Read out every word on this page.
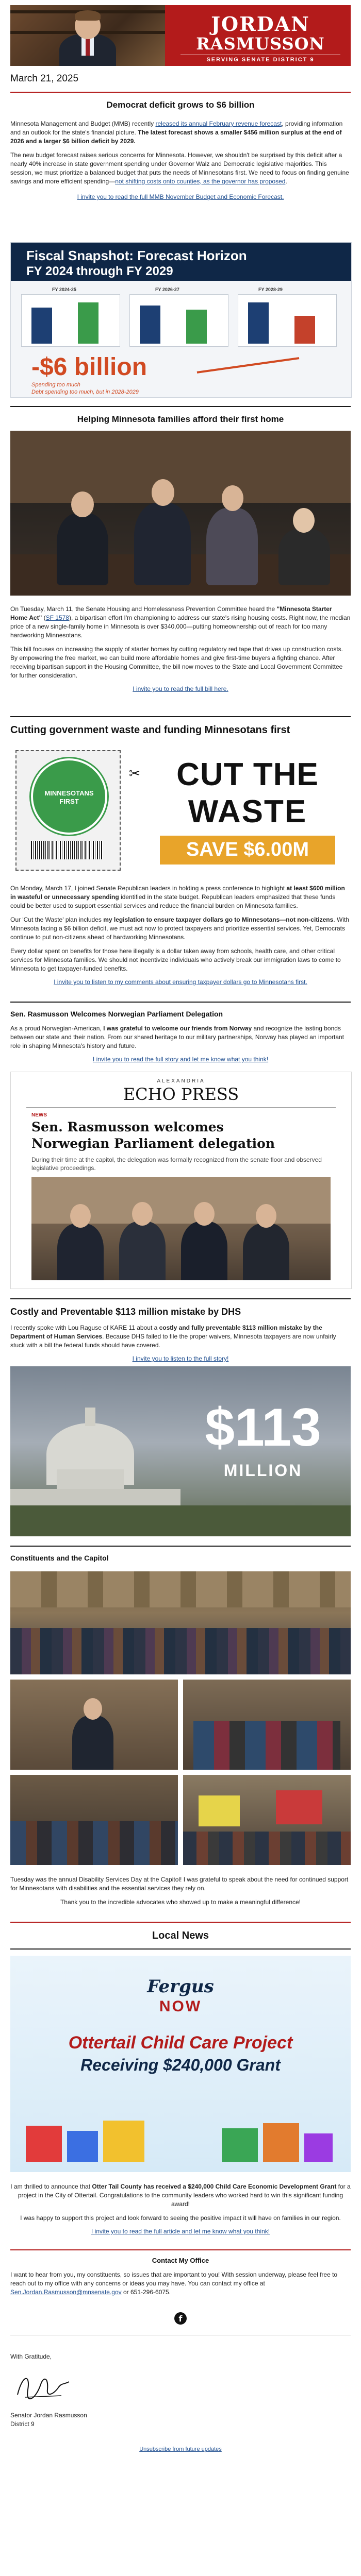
JORDAN
RASMUSSON
SERVING SENATE DISTRICT 9
March 21, 2025
Democrat deficit grows to $6 billion

Minnesota Management and Budget (MMB) recently released its annual February revenue forecast, providing information and an outlook for the state's financial picture. The latest forecast shows a smaller $456 million surplus at the end of 2026 and a larger $6 billion deficit by 2029.

The new budget forecast raises serious concerns for Minnesota. However, we shouldn't be surprised by this deficit after a nearly 40% increase in state government spending under Governor Walz and Democratic legislative majorities. This session, we must prioritize a balanced budget that puts the needs of Minnesotans first. We need to focus on finding genuine savings and more efficient spending—not shifting costs onto counties, as the governor has proposed.

I invite you to read the full MMB November Budget and Economic Forecast.
Fiscal Snapshot: Forecast Horizon
FY 2024 through FY 2029
FY 2024-25	FY 2026-27	FY 2028-29
-$6 billion
Spending too much
Debt spending too much, but in 2028-2029
Helping Minnesota families afford their first home

On Tuesday, March 11, the Senate Housing and Homelessness Prevention Committee heard the "Minnesota Starter Home Act" (SF 1578), a bipartisan effort I'm championing to address our state's rising housing costs. Right now, the median price of a new single-family home in Minnesota is over $340,000—putting homeownership out of reach for too many hardworking Minnesotans.

This bill focuses on increasing the supply of starter homes by cutting regulatory red tape that drives up construction costs. By empowering the free market, we can build more affordable homes and give first-time buyers a fighting chance. After receiving bipartisan support in the Housing Committee, the bill now moves to the State and Local Government Committee for further consideration.

I invite you to read the full bill here.
Cutting government waste and funding Minnesotans first
MINNESOTANS FIRST
✂	CUT THE
WASTE
SAVE $6.00M

On Monday, March 17, I joined Senate Republican leaders in holding a press conference to highlight at least $600 million in wasteful or unnecessary spending identified in the state budget. Republican leaders emphasized that these funds could be better used to support essential services and reduce the financial burden on Minnesota families.

Our 'Cut the Waste' plan includes my legislation to ensure taxpayer dollars go to Minnesotans—not non-citizens. With Minnesota facing a $6 billion deficit, we must act now to protect taxpayers and prioritize essential services. Yet, Democrats continue to put non-citizens ahead of hardworking Minnesotans.

Every dollar spent on benefits for those here illegally is a dollar taken away from schools, health care, and other critical services for Minnesota families. We should not incentivize individuals who actively break our immigration laws to come to Minnesota to get taxpayer-funded benefits.

I invite you to listen to my comments about ensuring taxpayer dollars go to Minnesotans first.
Sen. Rasmusson Welcomes Norwegian Parliament Delegation

As a proud Norwegian-American, I was grateful to welcome our friends from Norway and recognize the lasting bonds between our state and their nation. From our shared heritage to our military partnerships, Norway has played an important role in shaping Minnesota's history and future.

I invite you to read the full story and let me know what you think!
ALEXANDRIA
ECHO PRESS
NEWS
Sen. Rasmusson welcomes
Norwegian Parliament delegation
During their time at the capitol, the delegation was formally recognized from the senate floor and observed legislative proceedings.
Costly and Preventable $113 million mistake by DHS

I recently spoke with Lou Raguse of KARE 11 about a costly and fully preventable $113 million mistake by the Department of Human Services. Because DHS failed to file the proper waivers, Minnesota taxpayers are now unfairly stuck with a bill the federal funds should have covered.

I invite you to listen to the full story!
$113
MILLION
Constituents and the Capitol

Tuesday was the annual Disability Services Day at the Capitol! I was grateful to speak about the need for continued support for Minnesotans with disabilities and the essential services they rely on.

Thank you to the incredible advocates who showed up to make a meaningful difference!

Local News
Fergus
NOW
Ottertail Child Care Project
Receiving $240,000 Grant

I am thrilled to announce that Otter Tail County has received a $240,000 Child Care Economic Development Grant for a project in the City of Ottertail. Congratulations to the community leaders who worked hard to win this significant funding award!

I was happy to support this project and look forward to seeing the positive impact it will have on families in our region.

I invite you to read the full article and let me know what you think!
Contact My Office

I want to hear from you, my constituents, so issues that are important to you! With session underway, please feel free to reach out to my office with any concerns or ideas you may have. You can contact my office at Sen.Jordan.Rasmusson@mnsenate.gov or 651-296-6075.

f

With Gratitude,

Senator Jordan Rasmusson

District 9

Unsubscribe from future updates
